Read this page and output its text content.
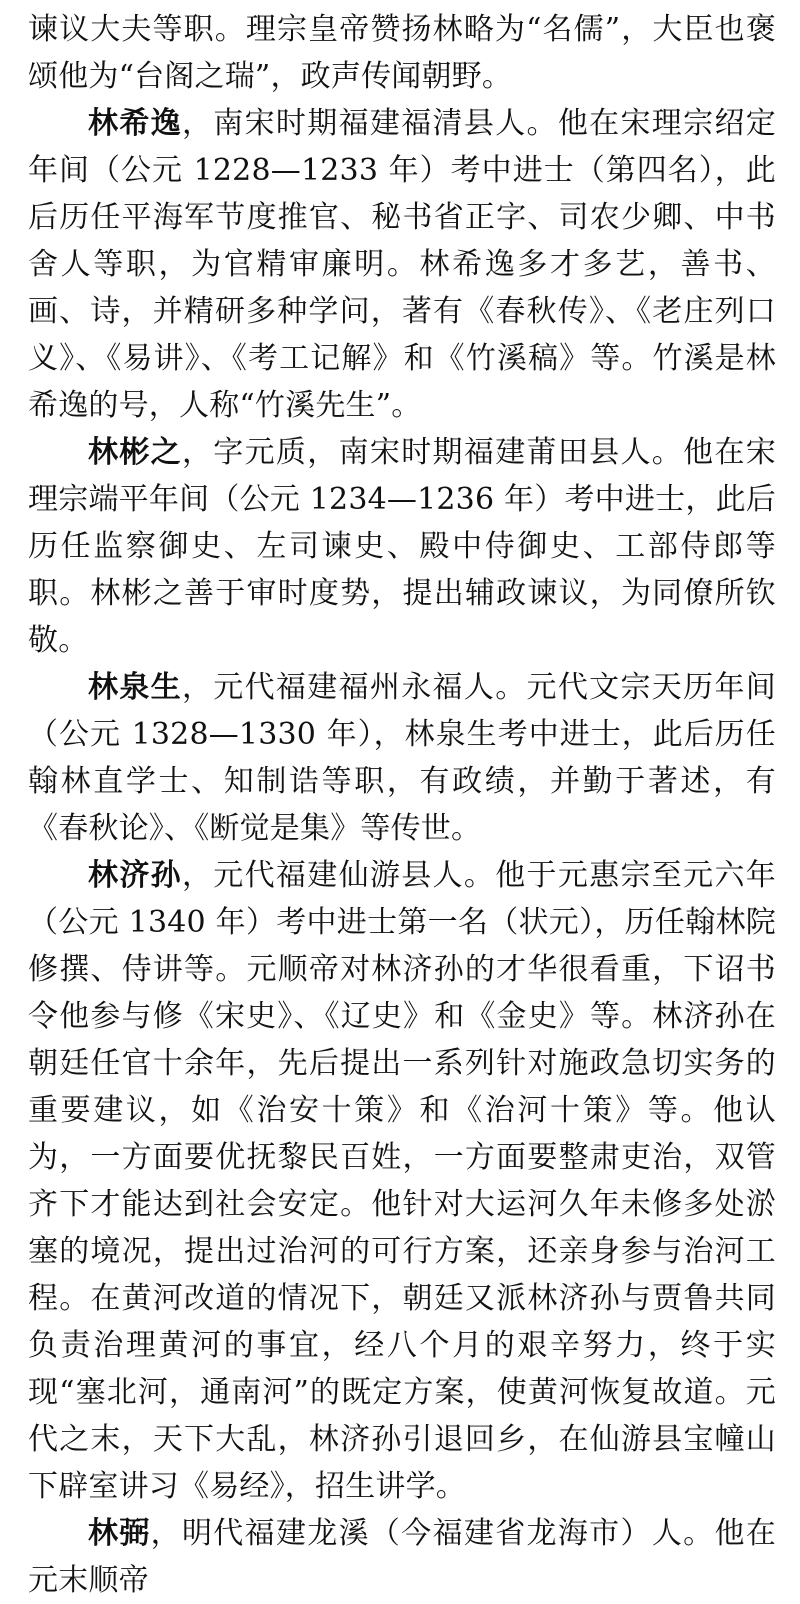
谏议大夫等职。理宗皇帝赞扬林略为“名儒”，大臣也褒颂他为“台阁之瑞”，政声传闻朝野。

林希逸，南宋时期福建福清县人。他在宋理宗绍定年间（公元 1228—1233 年）考中进士（第四名），此后历任平海军节度推官、秘书省正字、司农少卿、中书舍人等职，为官精审廉明。林希逸多才多艺，善书、画、诗，并精研多种学问，著有《春秋传》、《老庄列口义》、《易讲》、《考工记解》和《竹溪稿》等。竹溪是林希逸的号，人称“竹溪先生”。

林彬之，字元质，南宋时期福建莆田县人。他在宋理宗端平年间（公元 1234—1236 年）考中进士，此后历任监察御史、左司谏史、殿中侍御史、工部侍郎等职。林彬之善于审时度势，提出辅政谏议，为同僚所钦敬。

林泉生，元代福建福州永福人。元代文宗天历年间（公元 1328—1330 年），林泉生考中进士，此后历任翰林直学士、知制诰等职，有政绩，并勤于著述，有《春秋论》、《断觉是集》等传世。

林济孙，元代福建仙游县人。他于元惠宗至元六年（公元 1340 年）考中进士第一名（状元），历任翰林院修撰、侍讲等。元顺帝对林济孙的才华很看重，下诏书令他参与修《宋史》、《辽史》和《金史》等。林济孙在朝廷任官十余年，先后提出一系列针对施政急切实务的重要建议，如《治安十策》和《治河十策》等。他认为，一方面要优抚黎民百姓，一方面要整肃吏治，双管齐下才能达到社会安定。他针对大运河久年未修多处淤塞的境况，提出过治河的可行方案，还亲身参与治河工程。在黄河改道的情况下，朝廷又派林济孙与贾鲁共同负责治理黄河的事宜，经八个月的艰辛努力，终于实现“塞北河，通南河”的既定方案，使黄河恢复故道。元代之末，天下大乱，林济孙引退回乡，在仙游县宝幢山下辟室讲习《易经》，招生讲学。

林弼，明代福建龙溪（今福建省龙海市）人。他在元末顺帝
